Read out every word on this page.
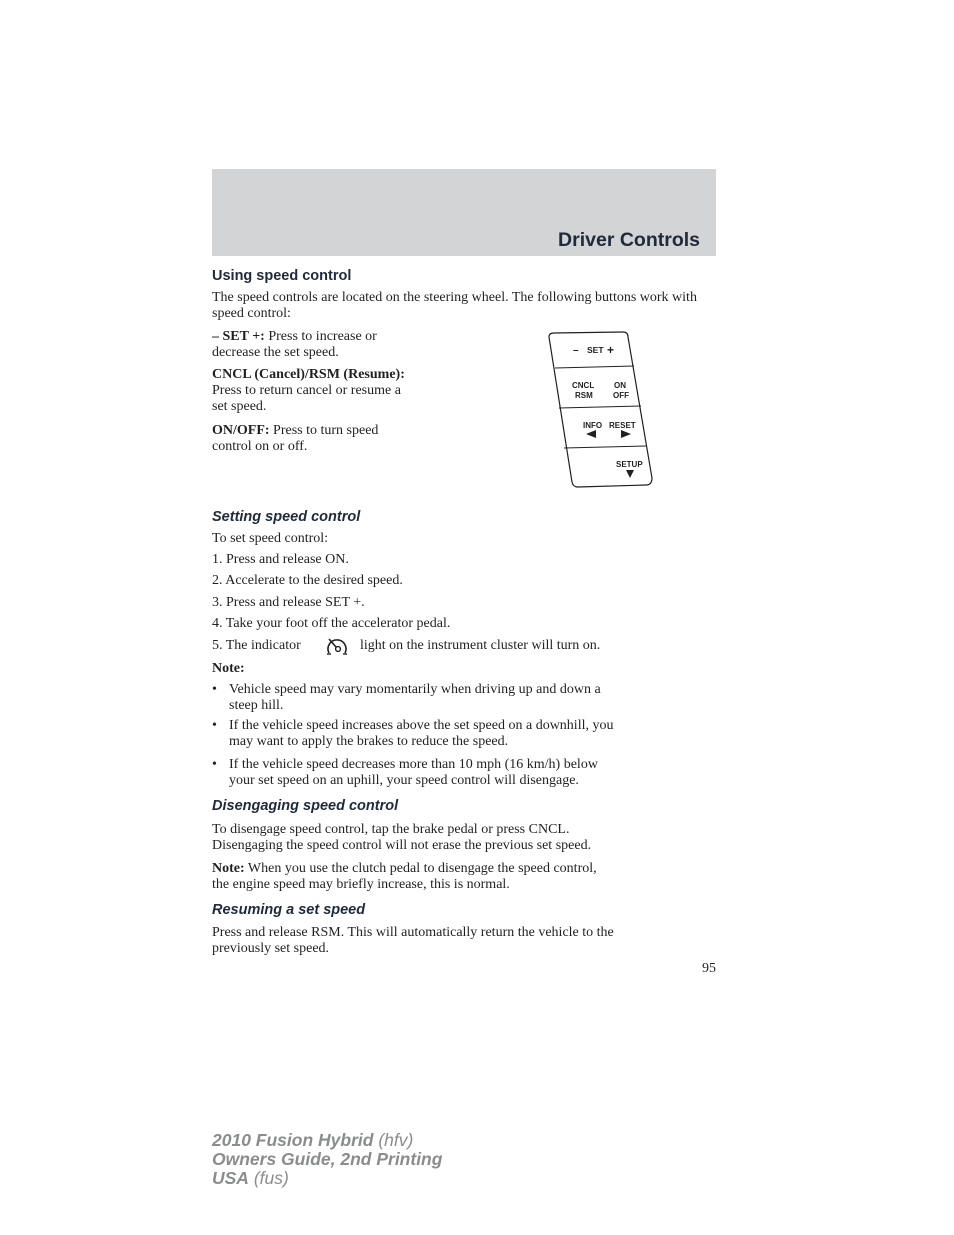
Driver Controls
Using speed control
The speed controls are located on the steering wheel. The following buttons work with speed control:
– SET +: Press to increase or
decrease the set speed.
CNCL (Cancel)/RSM (Resume):
Press to return cancel or resume a
set speed.
ON/OFF: Press to turn speed
control on or off.
– SET +
CNCL
RSM
ON
OFF
INFO RESET
SETUP
Setting speed control
To set speed control:
1. Press and release ON.
2. Accelerate to the desired speed.
3. Press and release SET +.
4. Take your foot off the accelerator pedal.
5. The indicator	light on the instrument cluster will turn on.
Note:
• Vehicle speed may vary momentarily when driving up and down a
steep hill.
• If the vehicle speed increases above the set speed on a downhill, you
may want to apply the brakes to reduce the speed.
• If the vehicle speed decreases more than 10 mph (16 km/h) below
your set speed on an uphill, your speed control will disengage.
Disengaging speed control
To disengage speed control, tap the brake pedal or press CNCL.
Disengaging the speed control will not erase the previous set speed.
Note: When you use the clutch pedal to disengage the speed control,
the engine speed may briefly increase, this is normal.
Resuming a set speed
Press and release RSM. This will automatically return the vehicle to the
previously set speed.
95
2010 Fusion Hybrid (hfv)
Owners Guide, 2nd Printing
USA (fus)
